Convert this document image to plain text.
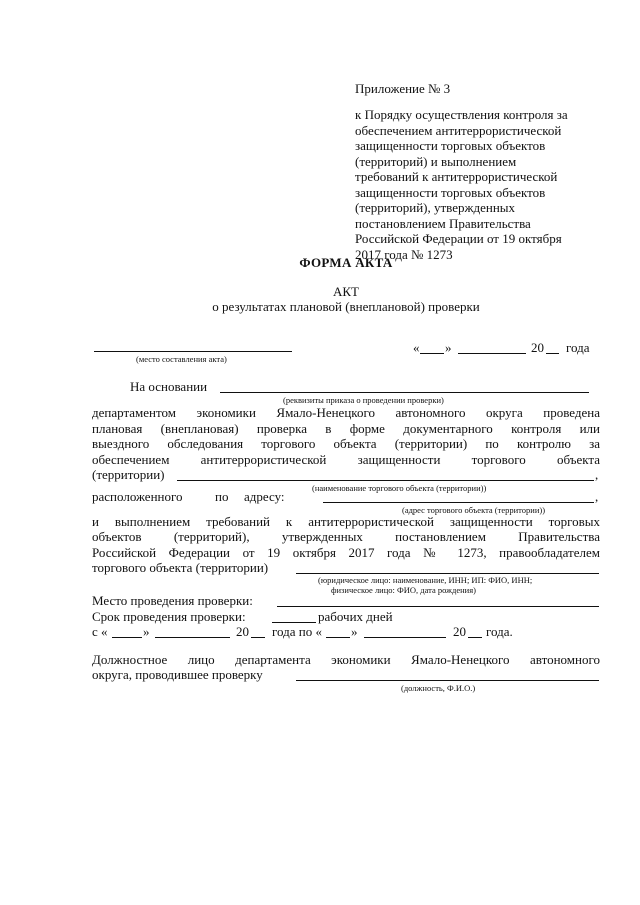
Приложение № 3
к Порядку осуществления контроля за
обеспечением антитеррористической
защищенности торговых объектов
(территорий) и выполнением
требований к антитеррористической
защищенности торговых объектов
(территорий), утвержденных
постановлением Правительства
Российской Федерации от 19 октября
2017 года № 1273
ФОРМА АКТА
АКТ
о результатах плановой (внеплановой) проверки
(место составления акта)
« »	20 года
На основании
(реквизиты приказа о проведении проверки)
департаментом экономики Ямало-Ненецкого автономного округа проведена
плановая (внеплановая) проверка в форме документарного контроля или
выездного обследования торгового объекта (территории) по контролю за
обеспечением антитеррористической защищенности торгового объекта
(территории)	,
(наименование торгового объекта (территории))
расположенного	по адресу:	,
(адрес торгового объекта (территории))
и выполнением требований к антитеррористической защищенности торговых
объектов (территорий), утвержденных постановлением Правительства
Российской Федерации от 19 октября 2017 года № 1273, правообладателем
торгового объекта (территории)
(юридическое лицо: наименование, ИНН; ИП: ФИО, ИНН;
физическое лицо: ФИО, дата рождения)
Место проведения проверки:
Срок проведения проверки:	рабочих дней
с «	»	20 года по « »	20 года.
Должностное лицо департамента экономики Ямало-Ненецкого автономного
округа, проводившее проверку
(должность, Ф.И.О.)
